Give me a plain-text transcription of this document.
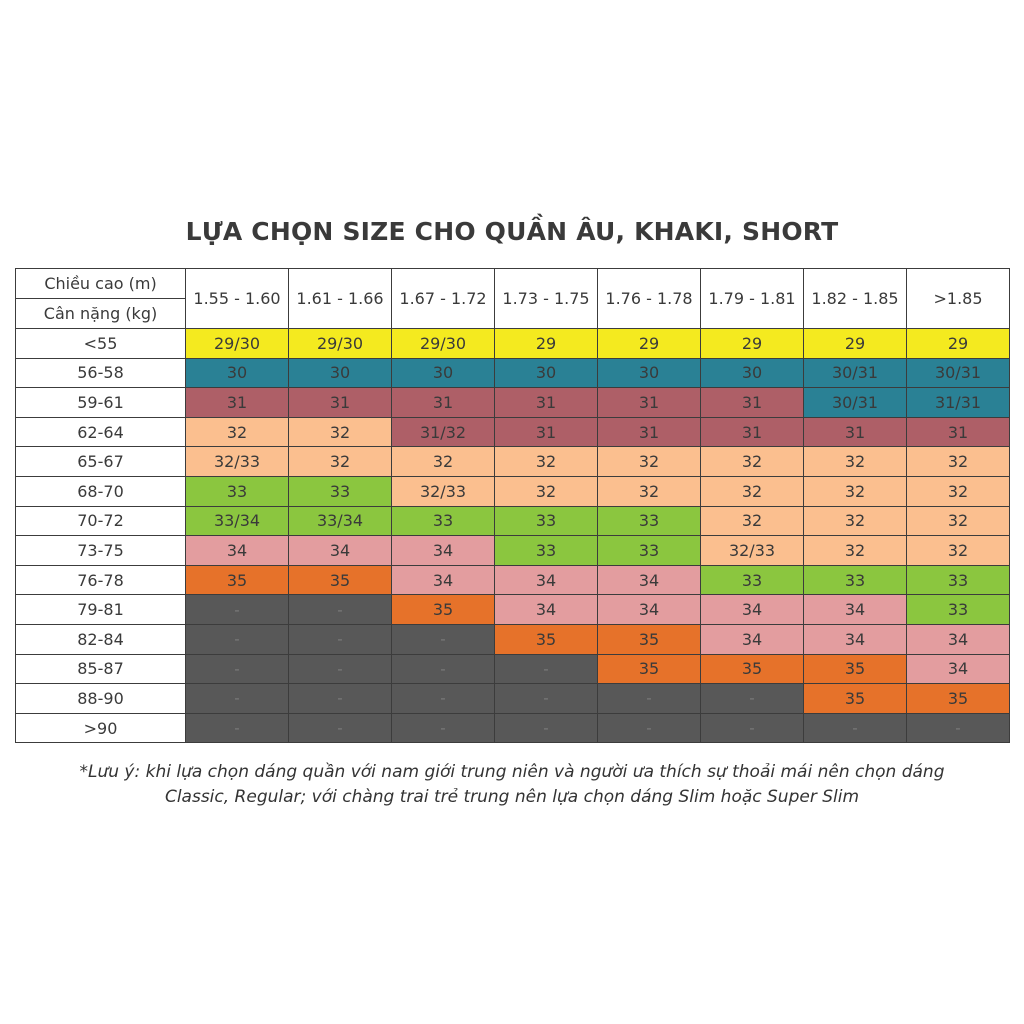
LỰA CHỌN SIZE CHO QUẦN ÂU, KHAKI, SHORT
Chiều cao (m)	1.55 - 1.60	1.61 - 1.66	1.67 - 1.72	1.73 - 1.75	1.76 - 1.78	1.79 - 1.81	1.82 - 1.85	>1.85
Cân nặng (kg)								
<55	29/30	29/30	29/30	29	29	29	29	29
56-58	30	30	30	30	30	30	30/31	30/31
59-61	31	31	31	31	31	31	30/31	31/31
62-64	32	32	31/32	31	31	31	31	31
65-67	32/33	32	32	32	32	32	32	32
68-70	33	33	32/33	32	32	32	32	32
70-72	33/34	33/34	33	33	33	32	32	32
73-75	34	34	34	33	33	32/33	32	32
76-78	35	35	34	34	34	33	33	33
79-81	-	-	35	34	34	34	34	33
82-84	-	-	-	35	35	34	34	34
85-87	-	-	-	-	35	35	35	34
88-90	-	-	-	-	-	-	35	35
>90	-	-	-	-	-	-	-	-
*Lưu ý: khi lựa chọn dáng quần với nam giới trung niên và người ưa thích sự thoải mái nên chọn dáng
Classic, Regular; với chàng trai trẻ trung nên lựa chọn dáng Slim hoặc Super Slim
